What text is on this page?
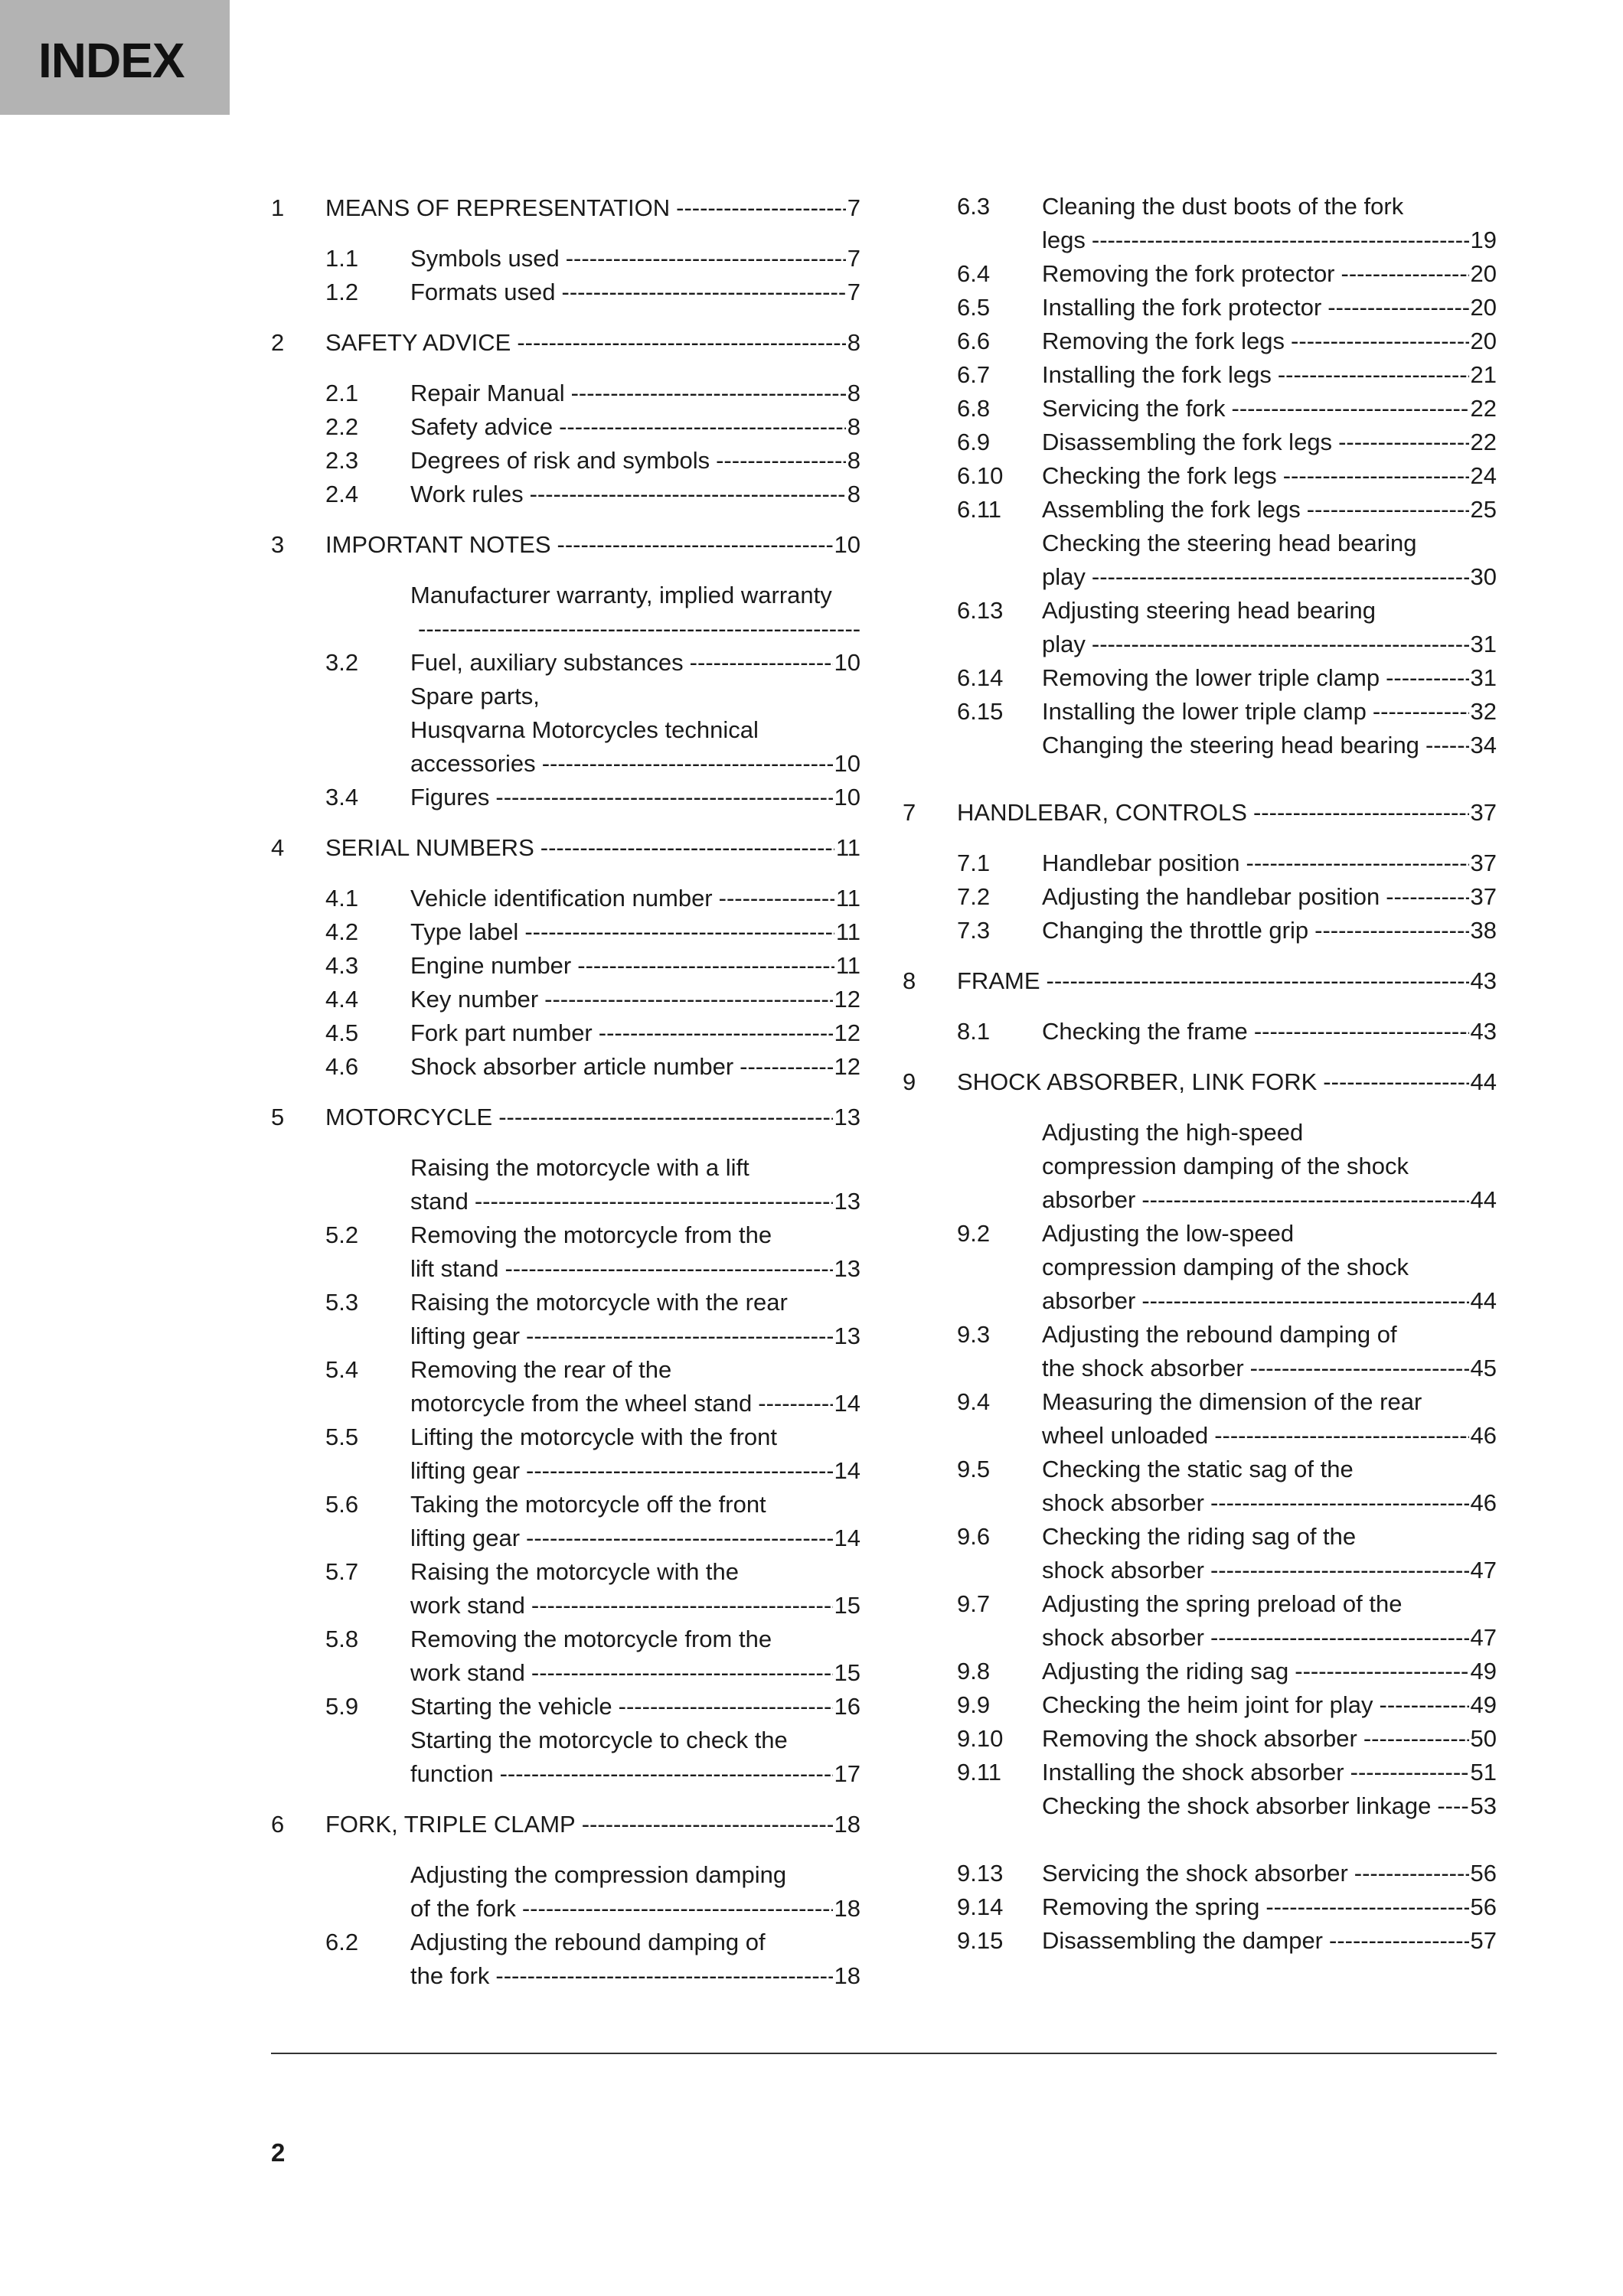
INDEX
1 MEANS OF REPRESENTATION -----	7
1.1 Symbols used -----	7
1.2 Formats used -----	7
2 SAFETY ADVICE -----	8
2.1 Repair Manual -----	8
2.2 Safety advice -----	8
2.3 Degrees of risk and symbols -----	8
2.4 Work rules -----	8
3 IMPORTANT NOTES -----	10
Manufacturer warranty, implied warranty
-----
3.2 Fuel, auxiliary substances -----	10
Spare parts,
Husqvarna Motorcycles technical
accessories -----	10
3.4 Figures -----	10
4 SERIAL NUMBERS -----	11
4.1 Vehicle identification number -----	11
4.2 Type label -----	11
4.3 Engine number -----	11
4.4 Key number -----	12
4.5 Fork part number -----	12
4.6 Shock absorber article number -----	12
5 MOTORCYCLE -----	13
Raising the motorcycle with a lift
stand -----	13
5.2 Removing the motorcycle from the
lift stand -----	13
5.3 Raising the motorcycle with the rear
lifting gear -----	13
5.4 Removing the rear of the
motorcycle from the wheel stand -----	14
5.5 Lifting the motorcycle with the front
lifting gear -----	14
5.6 Taking the motorcycle off the front
lifting gear -----	14
5.7 Raising the motorcycle with the
work stand -----	15
5.8 Removing the motorcycle from the
work stand -----	15
5.9 Starting the vehicle -----	16
Starting the motorcycle to check the
function -----	17
6 FORK, TRIPLE CLAMP -----	18
Adjusting the compression damping
of the fork -----	18
6.2 Adjusting the rebound damping of
the fork -----	18
6.3 Cleaning the dust boots of the fork
legs -----	19
6.4 Removing the fork protector -----	20
6.5 Installing the fork protector -----	20
6.6 Removing the fork legs -----	20
6.7 Installing the fork legs -----	21
6.8 Servicing the fork -----	22
6.9 Disassembling the fork legs -----	22
6.10 Checking the fork legs -----	24
6.11 Assembling the fork legs -----	25
Checking the steering head bearing
play -----	30
6.13 Adjusting steering head bearing
play -----	31
6.14 Removing the lower triple clamp -----	31
6.15 Installing the lower triple clamp -----	32
Changing the steering head bearing ----- 34
7 HANDLEBAR, CONTROLS -----	37
7.1 Handlebar position -----	37
7.2 Adjusting the handlebar position -----	37
7.3 Changing the throttle grip -----	38
8 FRAME -----	43
8.1 Checking the frame -----	43
9 SHOCK ABSORBER, LINK FORK -----	44
Adjusting the high-speed
compression damping of the shock
absorber -----	44
9.2 Adjusting the low-speed
compression damping of the shock
absorber -----	44
9.3 Adjusting the rebound damping of
the shock absorber -----	45
9.4 Measuring the dimension of the rear
wheel unloaded -----	46
9.5 Checking the static sag of the
shock absorber -----	46
9.6 Checking the riding sag of the
shock absorber -----	47
9.7 Adjusting the spring preload of the
shock absorber -----	47
9.8 Adjusting the riding sag -----	49
9.9 Checking the heim joint for play -----	49
9.10 Removing the shock absorber -----	50
9.11 Installing the shock absorber -----	51
Checking the shock absorber linkage ----- 53
9.13 Servicing the shock absorber -----	56
9.14 Removing the spring -----	56
9.15 Disassembling the damper -----	57
2
